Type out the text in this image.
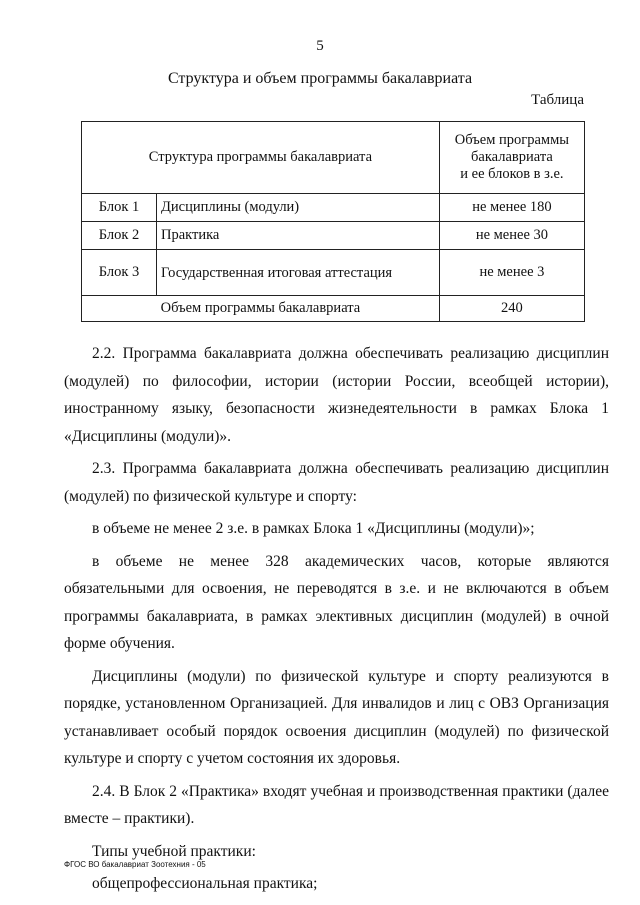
5
Структура и объем программы бакалавриата
Таблица
Структура программы бакалавриата		Объем программы
бакалавриата
и ее блоков в з.е.

Блок 1	Дисциплины (модули)	не менее 180
Блок 2	Практика	не менее 30
Блок 3	Государственная итоговая аттестация	не менее 3
Объем программы бакалавриата		240

2.2. Программа бакалавриата должна обеспечивать реализацию дисциплин (модулей) по философии, истории (истории России, всеобщей истории), иностранному языку, безопасности жизнедеятельности в рамках Блока 1 «Дисциплины (модули)».

2.3. Программа бакалавриата должна обеспечивать реализацию дисциплин (модулей) по физической культуре и спорту:

в объеме не менее 2 з.е. в рамках Блока 1 «Дисциплины (модули)»;

в объеме не менее 328 академических часов, которые являются обязательными для освоения, не переводятся в з.е. и не включаются в объем программы бакалавриата, в рамках элективных дисциплин (модулей) в очной форме обучения.

Дисциплины (модули) по физической культуре и спорту реализуются в порядке, установленном Организацией. Для инвалидов и лиц с ОВЗ Организация устанавливает особый порядок освоения дисциплин (модулей) по физической культуре и спорту с учетом состояния их здоровья.

2.4. В Блок 2 «Практика» входят учебная и производственная практики (далее вместе – практики).

Типы учебной практики:

общепрофессиональная практика;

ФГОС ВО бакалавриат Зоотехния - 05
